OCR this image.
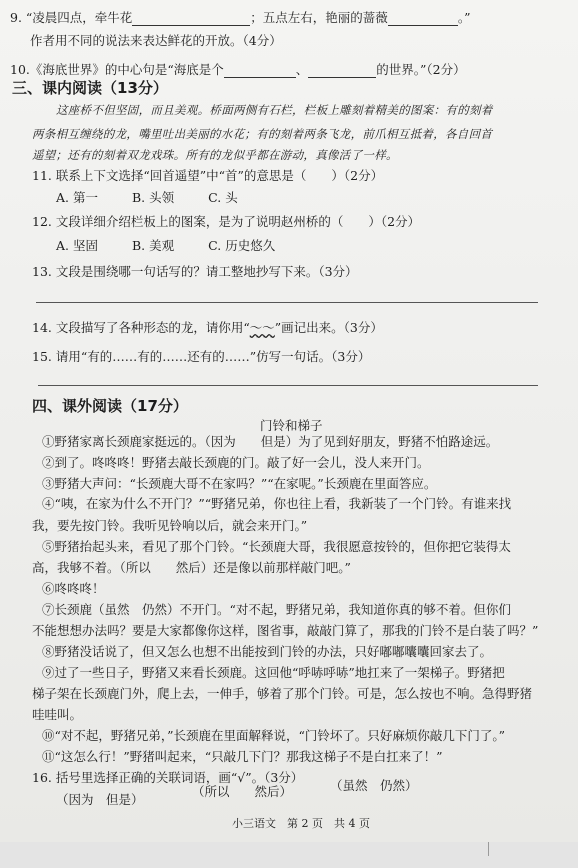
9. “凌晨四点，牵牛花	；五点左右，艳丽的蔷薇	。”
作者用不同的说法来表达鲜花的开放。（4分）
10.《海底世界》的中心句是“海底是个	、	的世界。”（2分）
三、课内阅读（13分）
这座桥不但坚固，而且美观。桥面两侧有石栏，栏板上雕刻着精美的图案：有的刻着
两条相互缠绕的龙，嘴里吐出美丽的水花；有的刻着两条飞龙，前爪相互抵着，各自回首
遥望；还有的刻着双龙戏珠。所有的龙似乎都在游动，真像活了一样。
11. 联系上下文选择“回首遥望”中“首”的意思是（　　）（2分）
A. 第一	B. 头领	C. 头
12. 文段详细介绍栏板上的图案，是为了说明赵州桥的（　　）（2分）
A. 坚固	B. 美观	C. 历史悠久
13. 文段是围绕哪一句话写的？请工整地抄写下来。（3分）
14. 文段描写了各种形态的龙，请你用“～～”画记出来。（3分）
15. 请用“有的……有的……还有的……”仿写一句话。（3分）
四、课外阅读（17分）
门铃和梯子
①野猪家离长颈鹿家挺远的。（因为　　但是）为了见到好朋友，野猪不怕路途远。
②到了。咚咚咚！野猪去敲长颈鹿的门。敲了好一会儿，没人来开门。
③野猪大声问：“长颈鹿大哥不在家吗？”“在家呢。”长颈鹿在里面答应。
④“咦，在家为什么不开门？”“野猪兄弟，你也往上看，我新装了一个门铃。有谁来找
我，要先按门铃。我听见铃响以后，就会来开门。”
⑤野猪抬起头来，看见了那个门铃。“长颈鹿大哥，我很愿意按铃的，但你把它装得太
高，我够不着。（所以　　然后）还是像以前那样敲门吧。”
⑥咚咚咚！
⑦长颈鹿（虽然　仍然）不开门。“对不起，野猪兄弟，我知道你真的够不着。但你们
不能想想办法吗？要是大家都像你这样，图省事，敲敲门算了，那我的门铃不是白装了吗？”
⑧野猪没话说了，但又怎么也想不出能按到门铃的办法，只好嘟嘟囔囔回家去了。
⑨过了一些日子，野猪又来看长颈鹿。这回他“呼哧呼哧”地扛来了一架梯子。野猪把
梯子架在长颈鹿门外，爬上去，一伸手，够着了那个门铃。可是，怎么按也不响。急得野猪
哇哇叫。
⑩“对不起，野猪兄弟，”长颈鹿在里面解释说，“门铃坏了。只好麻烦你敲几下门了。”
⑪“这怎么行！”野猪叫起来，“只敲几下门？那我这梯子不是白扛来了！”
16. 括号里选择正确的关联词语，画“√”。（3分）
（因为　但是）
（所以　　然后）	（虽然　仍然）
小三语文　第 2 页　共 4 页
